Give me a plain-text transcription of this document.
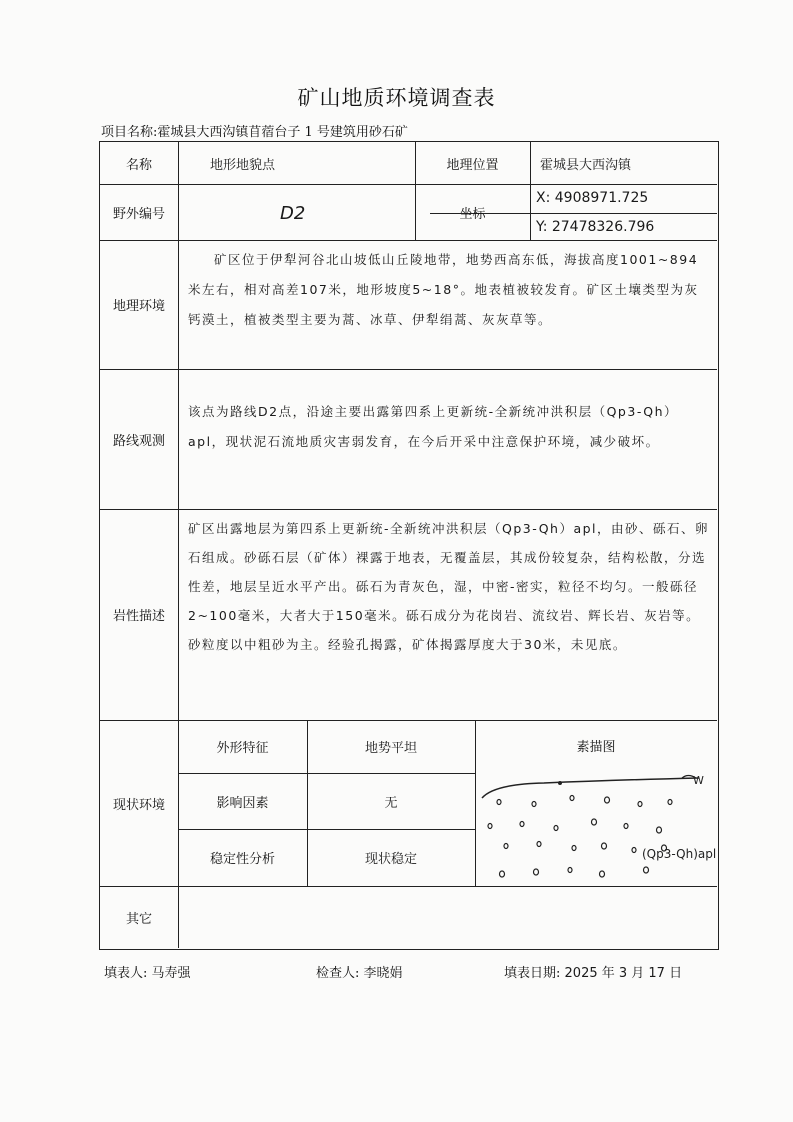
矿山地质环境调查表
项目名称:霍城县大西沟镇苜蓿台子 1 号建筑用砂石矿
名称	地形地貌点	地理位置	霍城县大西沟镇
野外编号	D2	坐标
X: 4908971.725
Y: 27478326.796
地理环境
矿区位于伊犁河谷北山坡低山丘陵地带，地势西高东低，海拔高度1001~894米左右，相对高差107米，地形坡度5~18°。地表植被较发育。矿区土壤类型为灰钙漠土，植被类型主要为蒿、冰草、伊犁绢蒿、灰灰草等。
路线观测
该点为路线D2点，沿途主要出露第四系上更新统-全新统冲洪积层（Qp3-Qh）apl，现状泥石流地质灾害弱发育，在今后开采中注意保护环境，减少破坏。
岩性描述
矿区出露地层为第四系上更新统-全新统冲洪积层（Qp3-Qh）apl，由砂、砾石、卵石组成。砂砾石层（矿体）裸露于地表，无覆盖层，其成份较复杂，结构松散，分选性差，地层呈近水平产出。砾石为青灰色，湿，中密-密实，粒径不均匀。一般砾径2~100毫米，大者大于150毫米。砾石成分为花岗岩、流纹岩、辉长岩、灰岩等。砂粒度以中粗砂为主。经验孔揭露，矿体揭露厚度大于30米，未见底。
现状环境
外形特征	地势平坦	素描图
影响因素	无
稳定性分析	现状稳定
其它
W
(Qp3-Qh)apl
填表人: 马寿强	检查人: 李晓娟	填表日期: 2025 年 3 月 17 日
